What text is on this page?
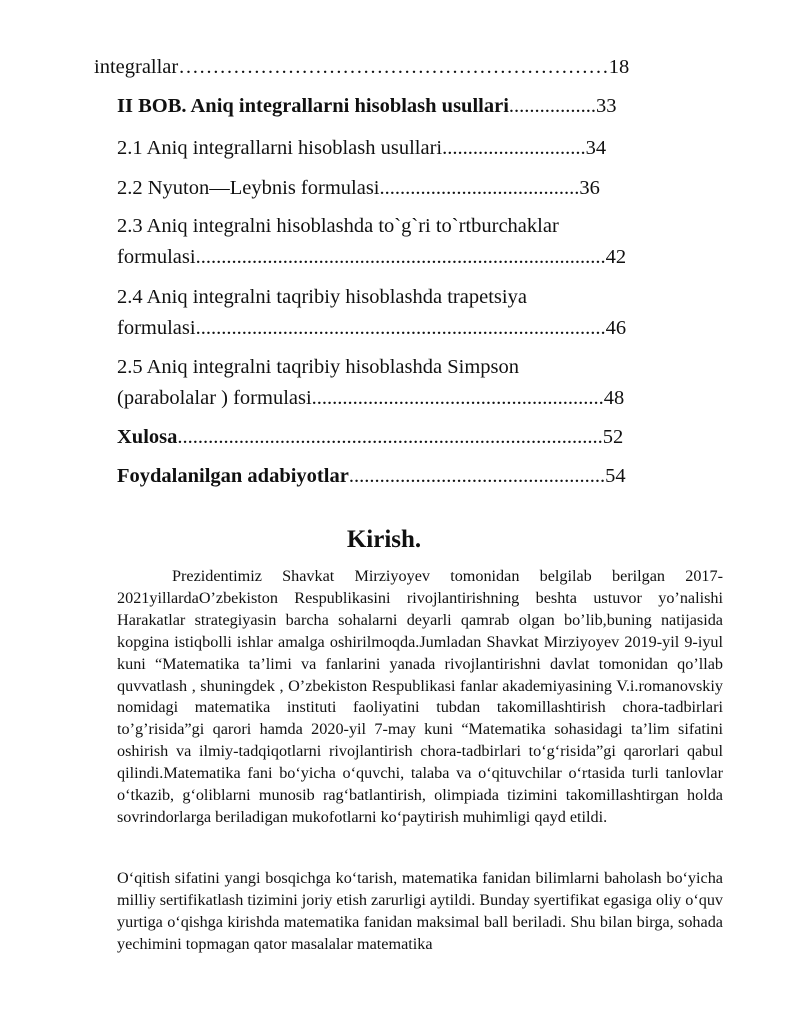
integrallar………………………………………………………18
II BOB. Aniq integrallarni hisoblash usullari.................33
2.1 Aniq integrallarni hisoblash usullari............................34
2.2 Nyuton—Leybnis formulasi.......................................36
2.3 Aniq integralni hisoblashda to`g`ri to`rtburchaklar
formulasi................................................................................42
2.4 Aniq integralni taqribiy hisoblashda trapetsiya
formulasi................................................................................46
2.5 Aniq integralni taqribiy hisoblashda Simpson
(parabolalar ) formulasi.........................................................48
Xulosa...................................................................................52
Foydalanilgan adabiyotlar..................................................54
Kirish.
Prezidentimiz Shavkat Mirziyoyev tomonidan belgilab berilgan 2017-2021yillardaO’zbekiston Respublikasini rivojlantirishning beshta ustuvor yo’nalishi Harakatlar strategiyasin barcha sohalarni deyarli qamrab olgan bo’lib,buning natijasida kopgina istiqbolli ishlar amalga oshirilmoqda.Jumladan Shavkat Mirziyoyev 2019-yil 9-iyul kuni “Matematika ta’limi va fanlarini yanada rivojlantirishni davlat tomonidan qo’llab quvvatlash , shuningdek , O’zbekiston Respublikasi fanlar akademiyasining V.i.romanovskiy nomidagi matematika instituti faoliyatini tubdan takomillashtirish chora-tadbirlari to’g’risida”gi qarori hamda 2020-yil 7-may kuni “Matematika sohasidagi ta’lim sifatini oshirish va ilmiy-tadqiqotlarni rivojlantirish chora-tadbirlari to‘g‘risida”gi qarorlari qabul qilindi.Matematika fani bo‘yicha o‘quvchi, talaba va o‘qituvchilar o‘rtasida turli tanlovlar o‘tkazib, g‘oliblarni munosib rag‘batlantirish, olimpiada tizimini takomillashtirgan holda sovrindorlarga beriladigan mukofotlarni ko‘paytirish muhimligi qayd etildi.
O‘qitish sifatini yangi bosqichga ko‘tarish, matematika fanidan bilimlarni baholash bo‘yicha milliy sertifikatlash tizimini joriy etish zarurligi aytildi. Bunday syertifikat egasiga oliy o‘quv yurtiga o‘qishga kirishda matematika fanidan maksimal ball beriladi. Shu bilan birga, sohada yechimini topmagan qator masalalar matematika
